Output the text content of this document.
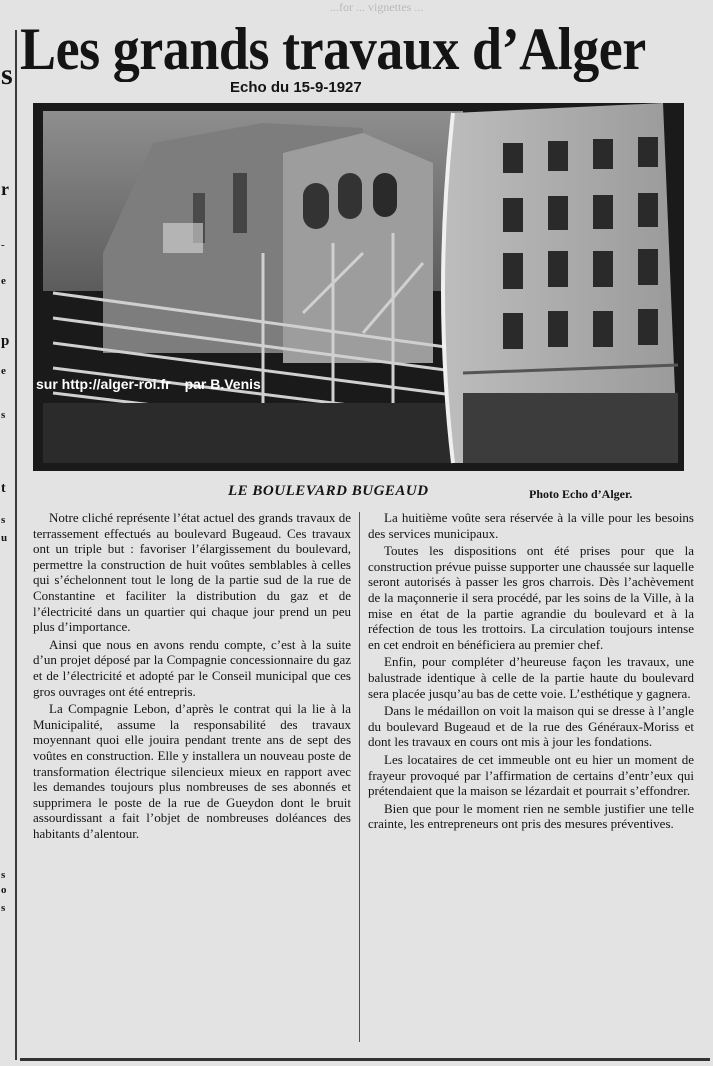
...for ... vignettes ...
s
r
-
e
p
e
s
t
s
u
s
o
s
Les grands travaux d’Alger
Echo du 15-9-1927
sur http://alger-roi.fr par B.Venis
LE BOULEVARD BUGEAUD	Photo Echo d’Alger.

Notre cliché représente l’état actuel des grands travaux de terrassement effectués au boulevard Bugeaud. Ces travaux ont un triple but : favoriser l’élargissement du boulevard, permettre la construction de huit voûtes semblables à celles qui s’échelonnent tout le long de la partie sud de la rue de Constantine et faciliter la distribution du gaz et de l’électricité dans un quartier qui chaque jour prend un peu plus d’importance.

Ainsi que nous en avons rendu compte, c’est à la suite d’un projet déposé par la Compagnie concessionnaire du gaz et de l’électricité et adopté par le Conseil municipal que ces gros ouvrages ont été entrepris.

La Compagnie Lebon, d’après le contrat qui la lie à la Municipalité, assume la responsabilité des travaux moyennant quoi elle jouira pendant trente ans de sept des voûtes en construction. Elle y installera un nouveau poste de transformation électrique silencieux mieux en rapport avec les demandes toujours plus nombreuses de ses abonnés et supprimera le poste de la rue de Gueydon dont le bruit assourdissant a fait l’objet de nombreuses doléances des habitants d’alentour.

La huitième voûte sera réservée à la ville pour les besoins des services municipaux.

Toutes les dispositions ont été prises pour que la construction prévue puisse supporter une chaussée sur laquelle seront autorisés à passer les gros charrois. Dès l’achèvement de la maçonnerie il sera procédé, par les soins de la Ville, à la mise en état de la partie agrandie du boulevard et à la réfection de tous les trottoirs. La circulation toujours intense en cet endroit en bénéficiera au premier chef.

Enfin, pour compléter d’heureuse façon les travaux, une balustrade identique à celle de la partie haute du boulevard sera placée jusqu’au bas de cette voie. L’esthétique y gagnera.

Dans le médaillon on voit la maison qui se dresse à l’angle du boulevard Bugeaud et de la rue des Généraux-Moriss et dont les travaux en cours ont mis à jour les fondations.

Les locataires de cet immeuble ont eu hier un moment de frayeur provoqué par l’affirmation de certains d’entr’eux qui prétendaient que la maison se lézardait et pourrait s’effondrer.

Bien que pour le moment rien ne semble justifier une telle crainte, les entrepreneurs ont pris des mesures préventives.
